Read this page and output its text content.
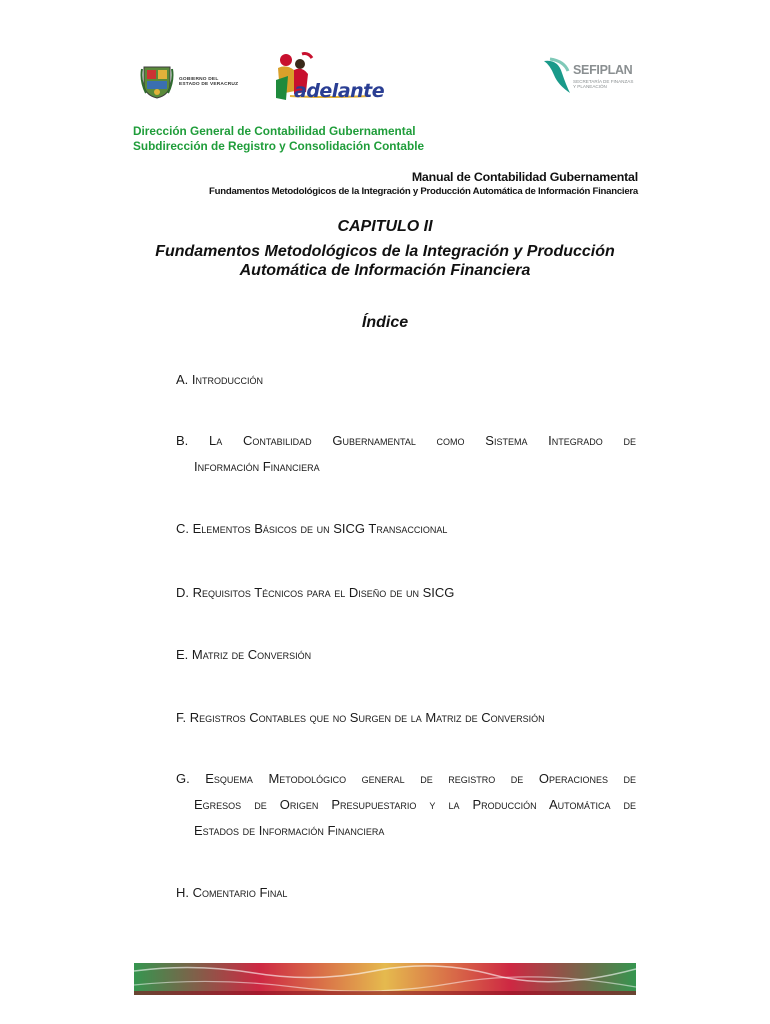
GOBIERNO DEL
ESTADO DE VERACRUZ	adelante
SEFIPLAN
SECRETARÍA DE FINANZAS
Y PLANEACIÓN
Dirección General de Contabilidad Gubernamental
Subdirección de Registro y Consolidación Contable
Manual de Contabilidad Gubernamental
Fundamentos Metodológicos de la Integración y Producción Automática de Información Financiera
CAPITULO II
Fundamentos Metodológicos de la Integración y Producción
Automática de Información Financiera
Índice
A. Introducción
B. La Contabilidad Gubernamental como Sistema Integrado de
Información Financiera
C. Elementos Básicos de un SICG Transaccional
D. Requisitos Técnicos para el Diseño de un SICG
E. Matriz de Conversión
F. Registros Contables que no Surgen de la Matriz de Conversión
G. Esquema Metodológico general de registro de Operaciones de
Egresos de Origen Presupuestario y la Producción Automática de
Estados de Información Financiera
H. Comentario Final
